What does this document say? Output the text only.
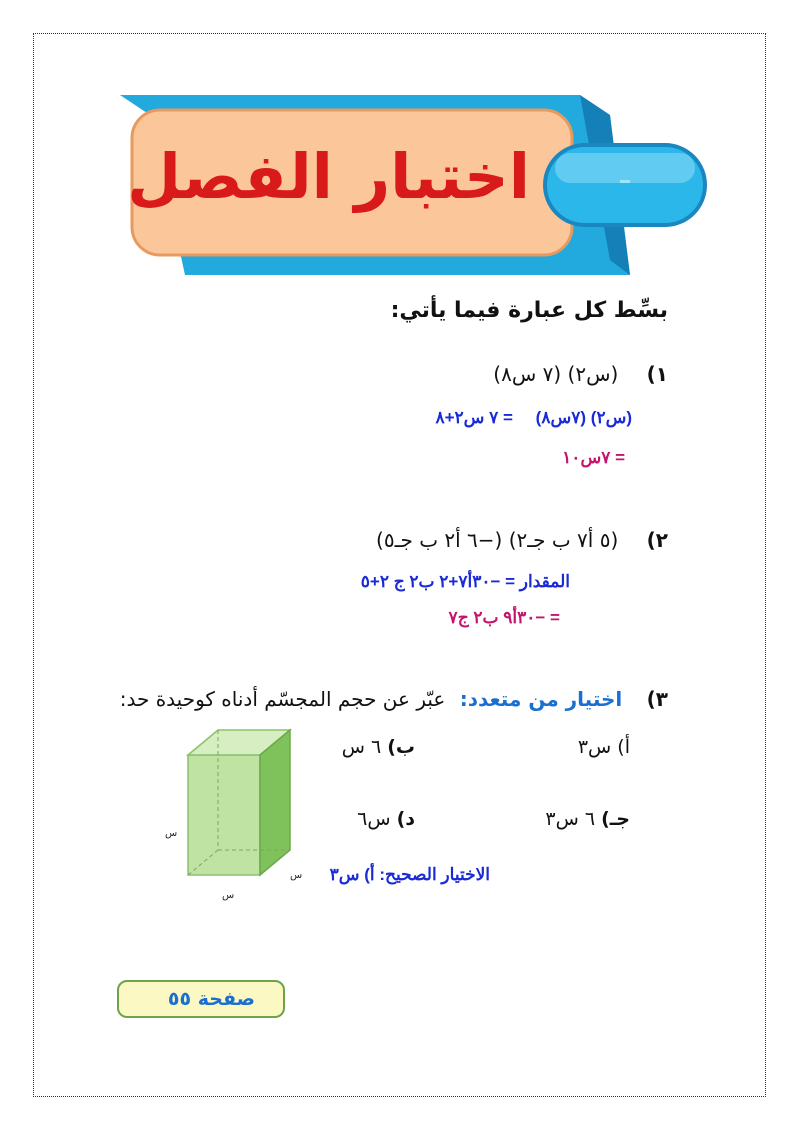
اختبار الفصل
بسِّط كل عبارة فيما يأتي:
١) (س٢) (٧ س٨)
(س٢) (٧س٨) = ٧ س٢+٨
= ٧س١٠
٢) (٥ أ٧ ب جـ٢) (−٦ أ٢ ب جـ٥)
المقدار = −٣٠أ٧+٢ ب٢ ج ٢+٥
= −٣٠أ٩ ب٢ ج٧
٣) اختيار من متعدد: عبّر عن حجم المجسّم أدناه كوحيدة حد:
أ) س٣
ب) ٦ س
جـ) ٦ س٣
د) س٦
الاختيار الصحيح: أ) س٣
س
س
س
صفحة ٥٥
